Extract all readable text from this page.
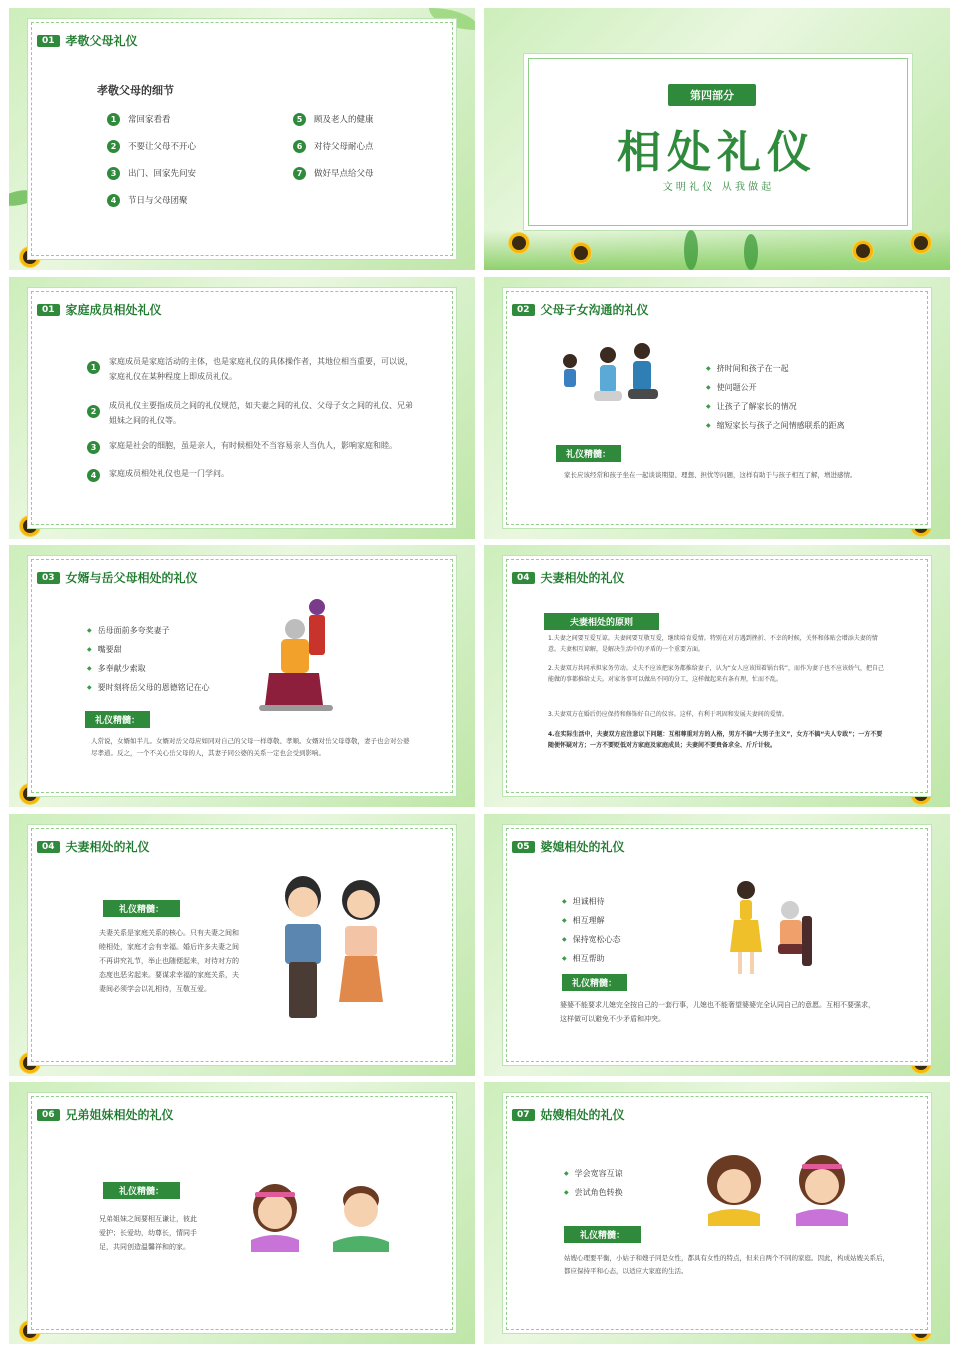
01 孝敬父母礼仪
孝敬父母的细节
1 常回家看看
2 不要让父母不开心
3 出门、回家先问安
4 节日与父母团聚
5 顾及老人的健康
6 对待父母耐心点
7 做好早点给父母
第四部分
相处礼仪
文 明 礼 仪   从 我 做 起
01 家庭成员相处礼仪
1
家庭成员是家庭活动的主体，也是家庭礼仪的具体操作者，其地位相当重要，可以说，家庭礼仪在某种程度上即成员礼仪。
2
成员礼仪主要指成员之间的礼仪规范，如夫妻之间的礼仪、父母子女之间的礼仪、兄弟姐妹之间的礼仪等。
3	家庭是社会的细胞，虽是亲人，有时候相处不当容易亲人当仇人，影响家庭和睦。
4	家庭成员相处礼仪也是一门学问。
02 父母子女沟通的礼仪
◆ 挤时间和孩子在一起
◆ 使问题公开
◆ 让孩子了解家长的情况
◆ 缩短家长与孩子之间情感联系的距离
礼仪精髓：
家长应该经常和孩子坐在一起谈谈期望、理想、担忧等问题，这样有助于与孩子相互了解，增进感情。
03 女婿与岳父母相处的礼仪
◆ 岳母面前多夸奖妻子
◆ 嘴要甜
◆ 多奉献少索取
◆ 要时刻将岳父母的恩德铭记在心
礼仪精髓：
人常说，女婿如半儿。女婿对岳父母应如同对自己的父母一样尊敬、孝顺。女婿对岳父母尊敬，妻子也会对公婆尽孝道。反之，一个不关心岳父母的人，其妻子同公婆的关系一定也会受到影响。
04 夫妻相处的礼仪
夫妻相处的原则
1.夫妻之间要互爱互谅。夫妻间要互敬互爱，继续培育爱情。特别在对方遇到挫折、不幸的时候，关怀和体贴会增添夫妻的情意。夫妻相互谅解，是解决生活中的矛盾的一个重要方面。
2.夫妻双方共同承担家务劳动。丈夫不应该把家务都推给妻子，认为“女人应该围着锅台转”，而作为妻子也不应该娇气，把自己能做的事都推给丈夫。对家务事可以做出不同的分工，这样做起来有条有理，忙而不乱。
3.夫妻双方在婚后仍应保持和修饰好自己的仪容。这样，有利于巩固和发展夫妻间的爱情。
4.在实际生活中，夫妻双方应注意以下问题：互相尊重对方的人格，男方不搞“大男子主义”，女方不搞“夫人专政”；一方不要随便怀疑对方；一方不要贬低对方家庭及家庭成员；夫妻间不要贵备求全、斤斤计较。
04 夫妻相处的礼仪
礼仪精髓：
夫妻关系是家庭关系的核心。只有夫妻之间和睦相处，家庭才会有幸福。婚后许多夫妻之间不再讲究礼节，举止也随便起来，对待对方的态度也恶劣起来。要谋求幸福的家庭关系，夫妻间必须学会以礼相待，互敬互爱。
05 婆媳相处的礼仪
◆ 坦诚相待
◆ 相互理解
◆ 保持宽松心态
◆ 相互帮助
礼仪精髓：
婆婆不能要求儿媳完全按自己的一套行事，儿媳也不能奢望婆婆完全认同自己的意愿。互相不要强求，这样做可以避免不少矛盾和冲突。
06 兄弟姐妹相处的礼仪
礼仪精髓：
兄弟姐妹之间要相互谦让，彼此爱护；长爱幼，幼尊长，情同手足，共同创造温馨祥和的家。
07 姑嫂相处的礼仪
◆ 学会宽容互谅
◆ 尝试角色转换
礼仪精髓：
姑嫂心理要平衡，小姑子和嫂子同是女性，都具有女性的特点，但来自两个不同的家庭。因此，构成姑嫂关系后，都应保持平和心态，以适应大家庭的生活。
